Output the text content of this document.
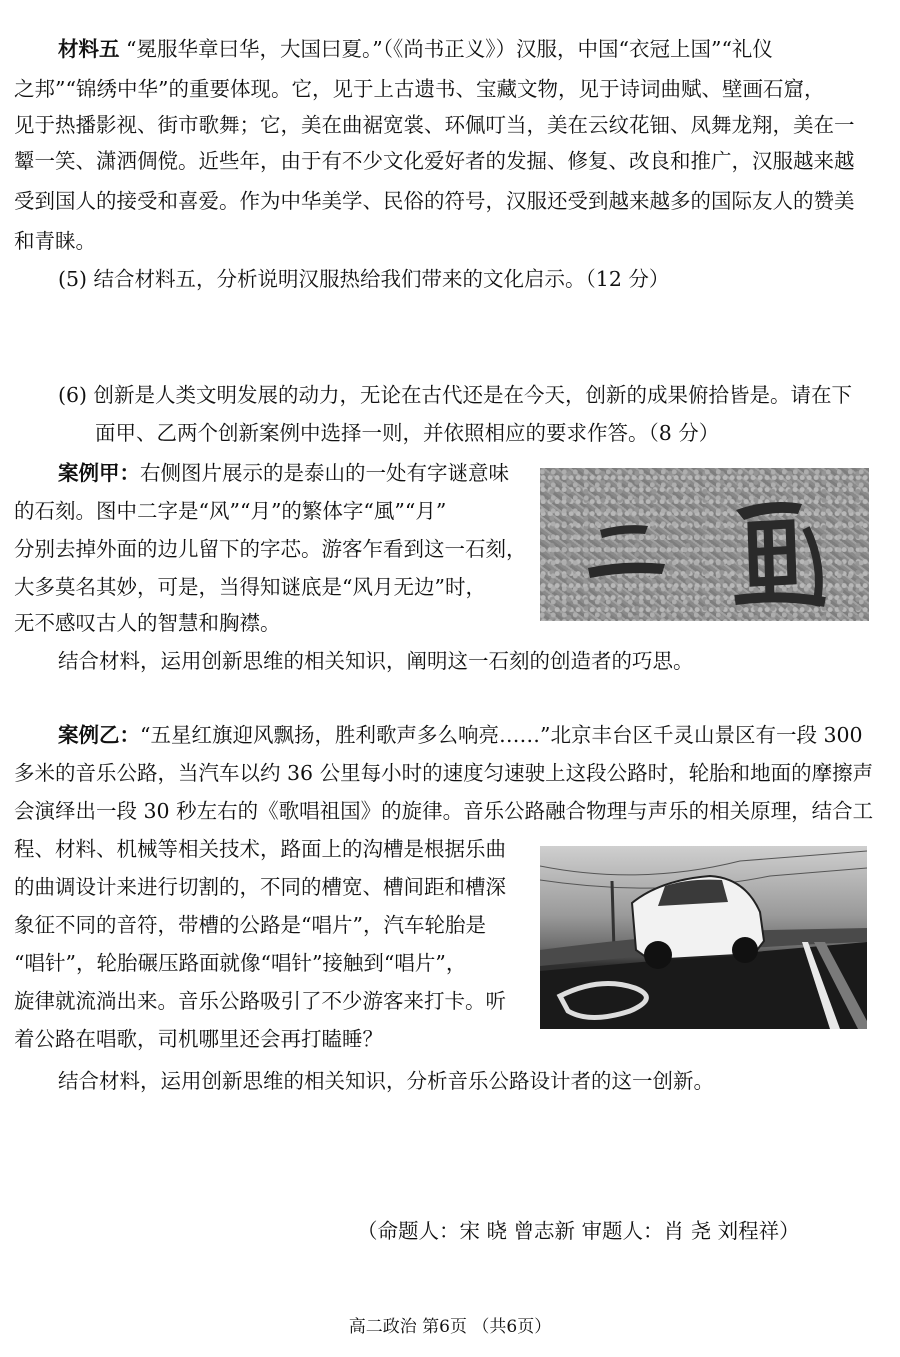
材料五 “冕服华章曰华，大国曰夏。”（《尚书正义》）汉服，中国“衣冠上国”“礼仪
之邦”“锦绣中华”的重要体现。它，见于上古遗书、宝藏文物，见于诗词曲赋、壁画石窟，
见于热播影视、街市歌舞；它，美在曲裾宽裳、环佩叮当，美在云纹花钿、凤舞龙翔，美在一
颦一笑、潇洒倜傥。近些年，由于有不少文化爱好者的发掘、修复、改良和推广，汉服越来越
受到国人的接受和喜爱。作为中华美学、民俗的符号，汉服还受到越来越多的国际友人的赞美
和青睐。
(5) 结合材料五，分析说明汉服热给我们带来的文化启示。（12 分）
(6) 创新是人类文明发展的动力，无论在古代还是在今天，创新的成果俯拾皆是。请在下
面甲、乙两个创新案例中选择一则，并依照相应的要求作答。（8 分）
案例甲：右侧图片展示的是泰山的一处有字谜意味
的石刻。图中二字是“风”“月”的繁体字“風”“月”
分别去掉外面的边儿留下的字芯。游客乍看到这一石刻，
大多莫名其妙，可是，当得知谜底是“风月无边”时，
无不感叹古人的智慧和胸襟。
结合材料，运用创新思维的相关知识，阐明这一石刻的创造者的巧思。
案例乙：“五星红旗迎风飘扬，胜利歌声多么响亮……”北京丰台区千灵山景区有一段 300
多米的音乐公路，当汽车以约 36 公里每小时的速度匀速驶上这段公路时，轮胎和地面的摩擦声
会演绎出一段 30 秒左右的《歌唱祖国》的旋律。音乐公路融合物理与声乐的相关原理，结合工
程、材料、机械等相关技术，路面上的沟槽是根据乐曲
的曲调设计来进行切割的，不同的槽宽、槽间距和槽深
象征不同的音符，带槽的公路是“唱片”，汽车轮胎是
“唱针”，轮胎碾压路面就像“唱针”接触到“唱片”，
旋律就流淌出来。音乐公路吸引了不少游客来打卡。听
着公路在唱歌，司机哪里还会再打瞌睡？
结合材料，运用创新思维的相关知识，分析音乐公路设计者的这一创新。
（命题人：宋 晓 曾志新 审题人：肖 尧 刘程祥）
高二政治 第6页 （共6页）
